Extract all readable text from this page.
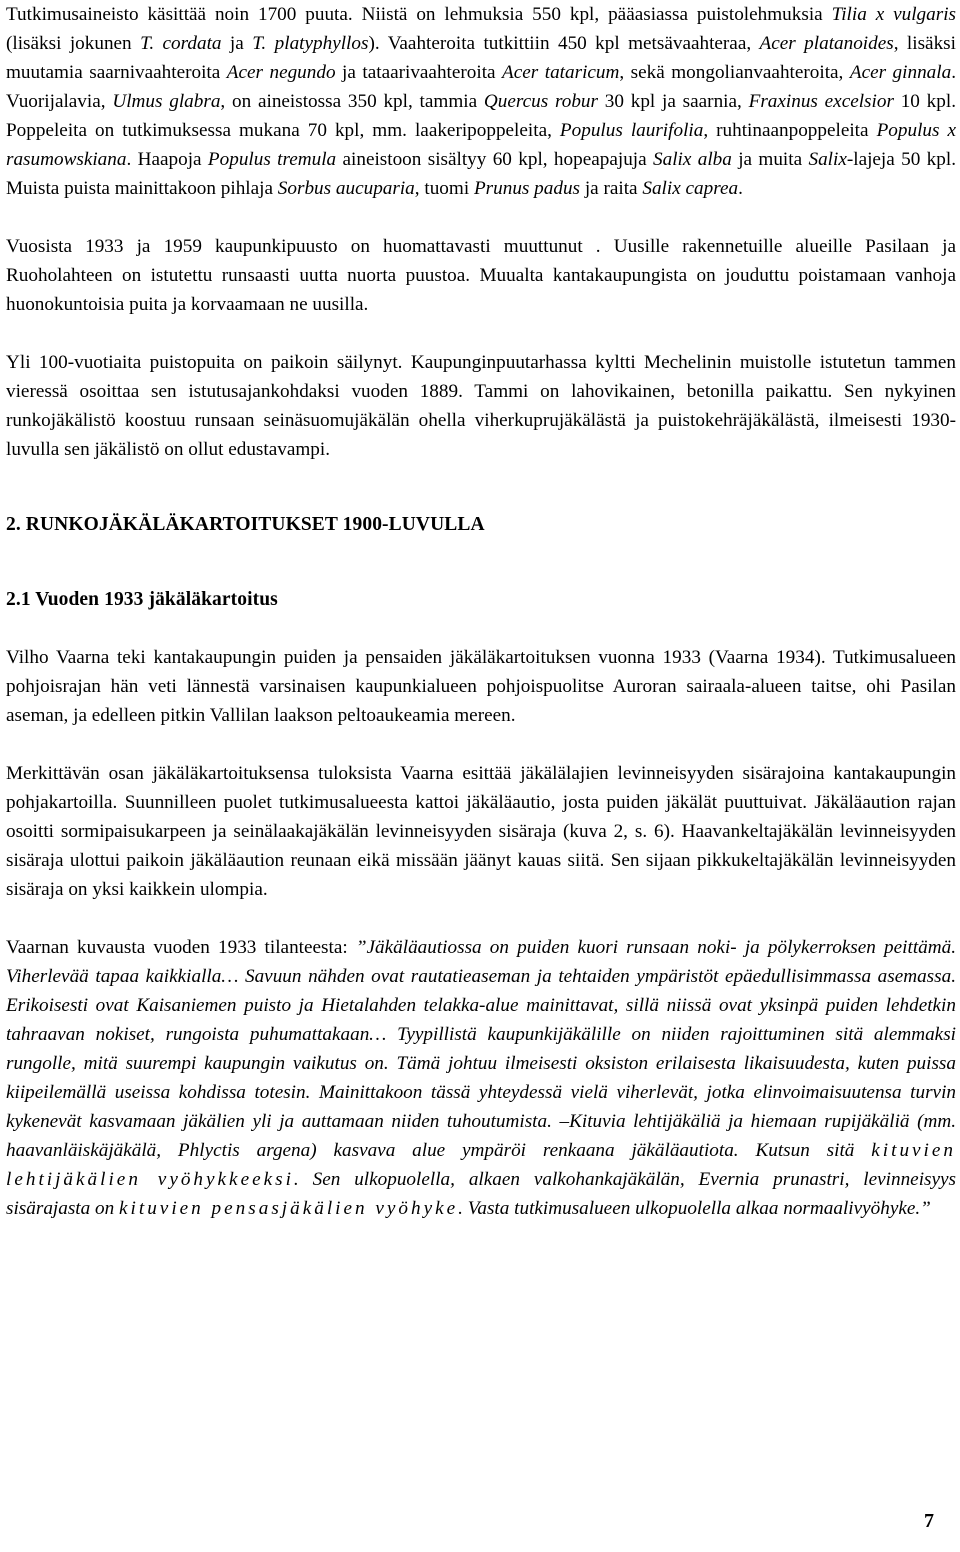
Tutkimusaineisto käsittää noin 1700 puuta. Niistä on lehmuksia 550 kpl, pääasiassa puistolehmuksia Tilia x vulgaris (lisäksi jokunen T. cordata ja T. platyphyllos). Vaahteroita tutkittiin 450 kpl metsävaahteraa, Acer platanoides, lisäksi muutamia saarnivaahteroita Acer negundo ja tataarivaahteroita Acer tataricum, sekä mongolianvaahteroita, Acer ginnala. Vuorijalavia, Ulmus glabra, on aineistossa 350 kpl, tammia Quercus robur 30 kpl ja saarnia, Fraxinus excelsior 10 kpl. Poppeleita on tutkimuksessa mukana 70 kpl, mm. laakeripoppeleita, Populus laurifolia, ruhtinaanpoppeleita Populus x rasumowskiana. Haapoja Populus tremula aineistoon sisältyy 60 kpl, hopeapajuja Salix alba ja muita Salix-lajeja 50 kpl. Muista puista mainittakoon pihlaja Sorbus aucuparia, tuomi Prunus padus ja raita Salix caprea.

Vuosista 1933 ja 1959 kaupunkipuusto on huomattavasti muuttunut . Uusille rakennetuille alueille Pasilaan ja Ruoholahteen on istutettu runsaasti uutta nuorta puustoa. Muualta kantakaupungista on jouduttu poistamaan vanhoja huonokuntoisia puita ja korvaamaan ne uusilla.

Yli 100-vuotiaita puistopuita on paikoin säilynyt. Kaupunginpuutarhassa kyltti Mechelinin muistolle istutetun tammen vieressä osoittaa sen istutusajankohdaksi vuoden 1889. Tammi on lahovikainen, betonilla paikattu. Sen nykyinen runkojäkälistö koostuu runsaan seinäsuomujäkälän ohella viherkuprujäkälästä ja puistokehräjäkälästä, ilmeisesti 1930-luvulla sen jäkälistö on ollut edustavampi.

2. RUNKOJÄKÄLÄKARTOITUKSET 1900-LUVULLA
2.1 Vuoden 1933 jäkäläkartoitus

Vilho Vaarna teki kantakaupungin puiden ja pensaiden jäkäläkartoituksen vuonna 1933 (Vaarna 1934). Tutkimusalueen pohjoisrajan hän veti lännestä varsinaisen kaupunkialueen pohjoispuolitse Auroran sairaala-alueen taitse, ohi Pasilan aseman, ja edelleen pitkin Vallilan laakson peltoaukeamia mereen.

Merkittävän osan jäkäläkartoituksensa tuloksista Vaarna esittää jäkälälajien levinneisyyden sisärajoina kantakaupungin pohjakartoilla. Suunnilleen puolet tutkimusalueesta kattoi jäkäläautio, josta puiden jäkälät puuttuivat. Jäkäläaution rajan osoitti sormipaisukarpeen ja seinälaakajäkälän levinneisyyden sisäraja (kuva 2, s. 6). Haavankeltajäkälän levinneisyyden sisäraja ulottui paikoin jäkäläaution reunaan eikä missään jäänyt kauas siitä. Sen sijaan pikkukeltajäkälän levinneisyyden sisäraja on yksi kaikkein ulompia.

Vaarnan kuvausta vuoden 1933 tilanteesta: ”Jäkäläautiossa on puiden kuori runsaan noki- ja pölykerroksen peittämä. Viherlevää tapaa kaikkialla… Savuun nähden ovat rautatieaseman ja tehtaiden ympäristöt epäedullisimmassa asemassa. Erikoisesti ovat Kaisaniemen puisto ja Hietalahden telakka-alue mainittavat, sillä niissä ovat yksinpä puiden lehdetkin tahraavan nokiset, rungoista puhumattakaan… Tyypillistä kaupunkijäkälille on niiden rajoittuminen sitä alemmaksi rungolle, mitä suurempi kaupungin vaikutus on. Tämä johtuu ilmeisesti oksiston erilaisesta likaisuudesta, kuten puissa kiipeilemällä useissa kohdissa totesin. Mainittakoon tässä yhteydessä vielä viherlevät, jotka elinvoimaisuutensa turvin kykenevät kasvamaan jäkälien yli ja auttamaan niiden tuhoutumista. –Kituvia lehtijäkäliä ja hiemaan rupijäkäliä (mm. haavanläiskäjäkälä, Phlyctis argena) kasvava alue ympäröi renkaana jäkäläautiota. Kutsun sitä kituvien lehtijäkälien vyöhykkeeksi. Sen ulkopuolella, alkaen valkohankajäkälän, Evernia prunastri, levinneisyys sisärajasta on kituvien pensasjäkälien vyöhyke. Vasta tutkimusalueen ulkopuolella alkaa normaalivyöhyke.”

7
